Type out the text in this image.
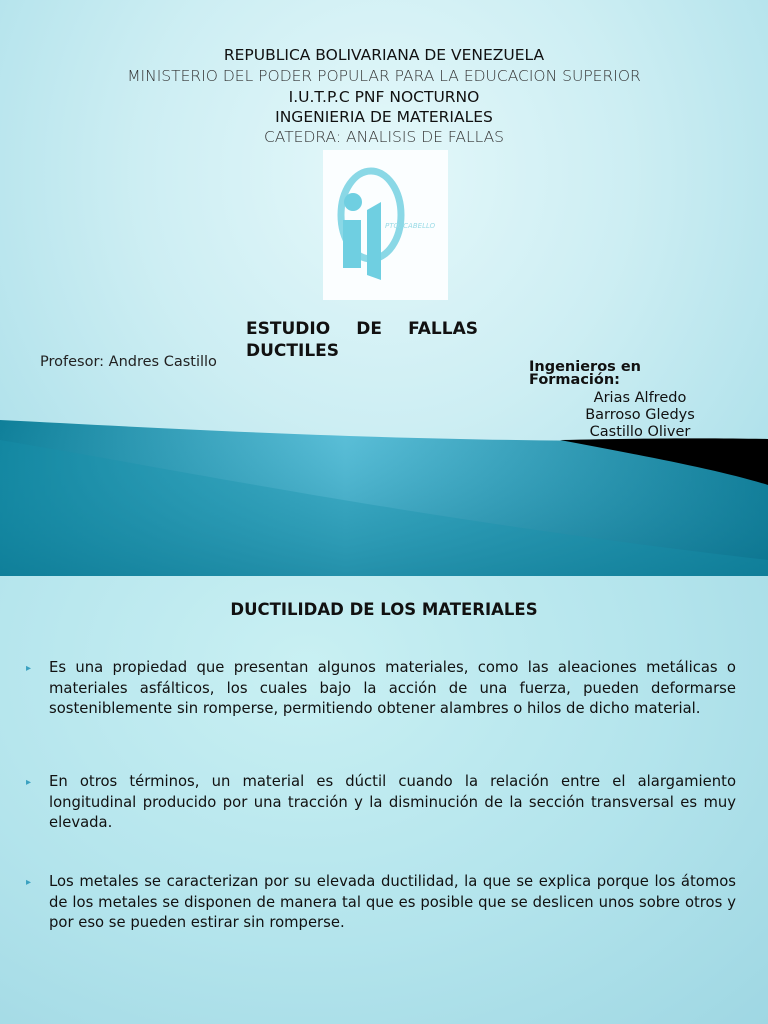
REPUBLICA BOLIVARIANA DE VENEZUELA
MINISTERIO DEL PODER POPULAR PARA LA EDUCACION SUPERIOR
I.U.T.P.C PNF NOCTURNO
INGENIERIA DE MATERIALES
CATEDRA: ANALISIS DE FALLAS
PTO. CABELLO
ESTUDIO DE FALLAS
DUCTILES
Profesor: Andres Castillo	Ingenieros en Formación:
Arias Alfredo
Barroso Gledys
Castillo Oliver
DUCTILIDAD DE LOS MATERIALES
▸ Es una propiedad que presentan algunos materiales, como las aleaciones metálicas o materiales asfálticos, los cuales bajo la acción de una fuerza, pueden deformarse sosteniblemente sin romperse, permitiendo obtener alambres o hilos de dicho material.
▸ En otros términos, un material es dúctil cuando la relación entre el alargamiento longitudinal producido por una tracción y la disminución de la sección transversal es muy elevada.
▸ Los metales se caracterizan por su elevada ductilidad, la que se explica porque los átomos de los metales se disponen de manera tal que es posible que se deslicen unos sobre otros y por eso se pueden estirar sin romperse.
